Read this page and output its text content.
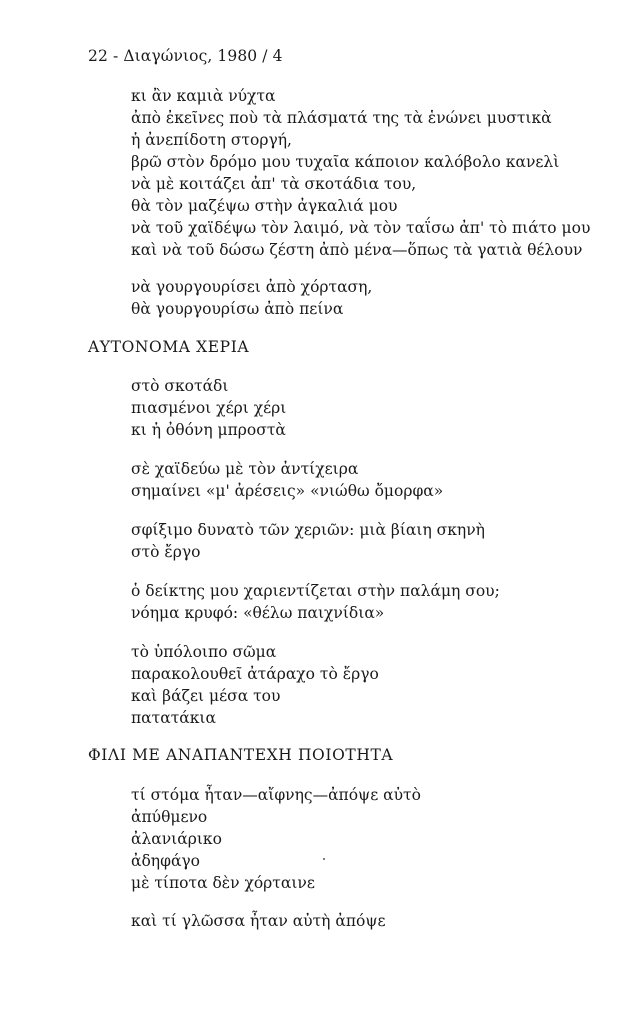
22 - Διαγώνιος, 1980 / 4
κι ἂν καμιὰ νύχτα
ἀπὸ ἐκεῖνες ποὺ τὰ πλάσματά της τὰ ἑνώνει μυστικὰ
ἡ ἀνεπίδοτη στοργή,
βρῶ στὸν δρόμο μου τυχαῖα κάποιον καλόβολο κανελὶ
νὰ μὲ κοιτάζει ἀπ' τὰ σκοτάδια του,
θὰ τὸν μαζέψω στὴν ἀγκαλιά μου
νὰ τοῦ χαϊδέψω τὸν λαιμό, νὰ τὸν ταΐσω ἀπ' τὸ πιάτο μου
καὶ νὰ τοῦ δώσω ζέστη ἀπὸ μένα—ὅπως τὰ γατιὰ θέλουν
νὰ γουργουρίσει ἀπὸ χόρταση,
θὰ γουργουρίσω ἀπὸ πείνα
ΑΥΤΟΝΟΜΑ ΧΕΡΙΑ
στὸ σκοτάδι
πιασμένοι χέρι χέρι
κι ἡ ὀθόνη μπροστὰ
σὲ χαϊδεύω μὲ τὸν ἀντίχειρα
σημαίνει «μ' ἀρέσεις» «νιώθω ὄμορφα»
σφίξιμο δυνατὸ τῶν χεριῶν: μιὰ βίαιη σκηνὴ
στὸ ἔργο
ὁ δείκτης μου χαριεντίζεται στὴν παλάμη σου;
νόημα κρυφό: «θέλω παιχνίδια»
τὸ ὑπόλοιπο σῶμα
παρακολουθεῖ ἀτάραχο τὸ ἔργο
καὶ βάζει μέσα του
πατατάκια
ΦΙΛΙ ΜΕ ΑΝΑΠΑΝΤΕΧΗ ΠΟΙΟΤΗΤΑ
τί στόμα ἦταν—αἴφνης—ἀπόψε αὐτὸ
ἀπύθμενο
ἀλανιάρικο
ἀδηφάγο
μὲ τίποτα δὲν χόρταινε
καὶ τί γλῶσσα ἦταν αὐτὴ ἀπόψε
